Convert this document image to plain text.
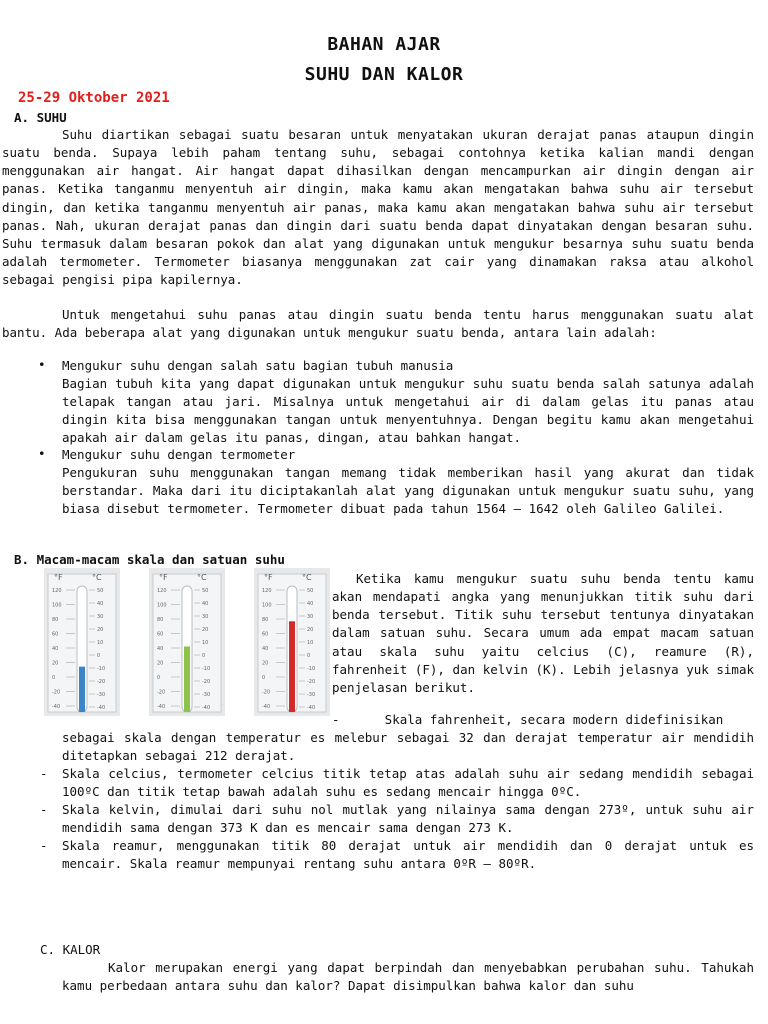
BAHAN AJAR
SUHU DAN KALOR
25-29 Oktober 2021
A. SUHU
Suhu diartikan sebagai suatu besaran untuk menyatakan ukuran derajat panas ataupun dingin suatu benda. Supaya lebih paham tentang suhu, sebagai contohnya ketika kalian mandi dengan menggunakan air hangat. Air hangat dapat dihasilkan dengan mencampurkan air dingin dengan air panas. Ketika tanganmu menyentuh air dingin, maka kamu akan mengatakan bahwa suhu air tersebut dingin, dan ketika tanganmu menyentuh air panas, maka kamu akan mengatakan bahwa suhu air tersebut panas. Nah, ukuran derajat panas dan dingin dari suatu benda dapat dinyatakan dengan besaran suhu. Suhu termasuk dalam besaran pokok dan alat yang digunakan untuk mengukur besarnya suhu suatu benda adalah termometer. Termometer biasanya menggunakan zat cair yang dinamakan raksa atau alkohol sebagai pengisi pipa kapilernya.
Untuk mengetahui suhu panas atau dingin suatu benda tentu harus menggunakan suatu alat bantu. Ada beberapa alat yang digunakan untuk mengukur suatu benda, antara lain adalah:
• Mengukur suhu dengan salah satu bagian tubuh manusia
Bagian tubuh kita yang dapat digunakan untuk mengukur suhu suatu benda salah satunya adalah telapak tangan atau jari. Misalnya untuk mengetahui air di dalam gelas itu panas atau dingin kita bisa menggunakan tangan untuk menyentuhnya. Dengan begitu kamu akan mengetahui apakah air dalam gelas itu panas, dingan, atau bahkan hangat.
• Mengukur suhu dengan termometer
Pengukuran suhu menggunakan tangan memang tidak memberikan hasil yang akurat dan tidak berstandar. Maka dari itu diciptakanlah alat yang digunakan untuk mengukur suatu suhu, yang biasa disebut termometer. Termometer dibuat pada tahun 1564 – 1642 oleh Galileo Galilei.
B. Macam-macam skala dan satuan suhu
°F	°C
120
100
80
60
40
20
0
-20
-40
50
40
30
20
10
0
-10
-20
-30
-40
°F	°C
120
100
80
60
40
20
0
-20
-40
50
40
30
20
10
0
-10
-20
-30
-40
°F	°C
120
100
80
60
40
20
0
-20
-40
50
40
30
20
10
0
-10
-20
-30
-40
Ketika kamu mengukur suatu suhu benda tentu kamu akan mendapati angka yang menunjukkan titik suhu dari benda tersebut. Titik suhu tersebut tentunya dinyatakan dalam satuan suhu. Secara umum ada empat macam satuan atau skala suhu yaitu celcius (C), reamure (R), fahrenheit (F), dan kelvin (K). Lebih jelasnya yuk simak penjelasan berikut.
-      Skala fahrenheit, secara modern didefinisikan
sebagai skala dengan temperatur es melebur sebagai 32 dan derajat temperatur air mendidih ditetapkan sebagai 212 derajat.
- Skala celcius, termometer celcius titik tetap atas adalah suhu air sedang mendidih sebagai 100ºC dan titik tetap bawah adalah suhu es sedang mencair hingga 0ºC.
- Skala kelvin, dimulai dari suhu nol mutlak yang nilainya sama dengan 273º, untuk suhu air mendidih sama dengan 373 K dan es mencair sama dengan 273 K.
- Skala reamur, menggunakan titik 80 derajat untuk air mendidih dan 0 derajat untuk es mencair. Skala reamur mempunyai rentang suhu antara 0ºR – 80ºR.
C. KALOR
Kalor merupakan energi yang dapat berpindah dan menyebabkan perubahan suhu. Tahukah kamu perbedaan antara suhu dan kalor? Dapat disimpulkan bahwa kalor dan suhu
